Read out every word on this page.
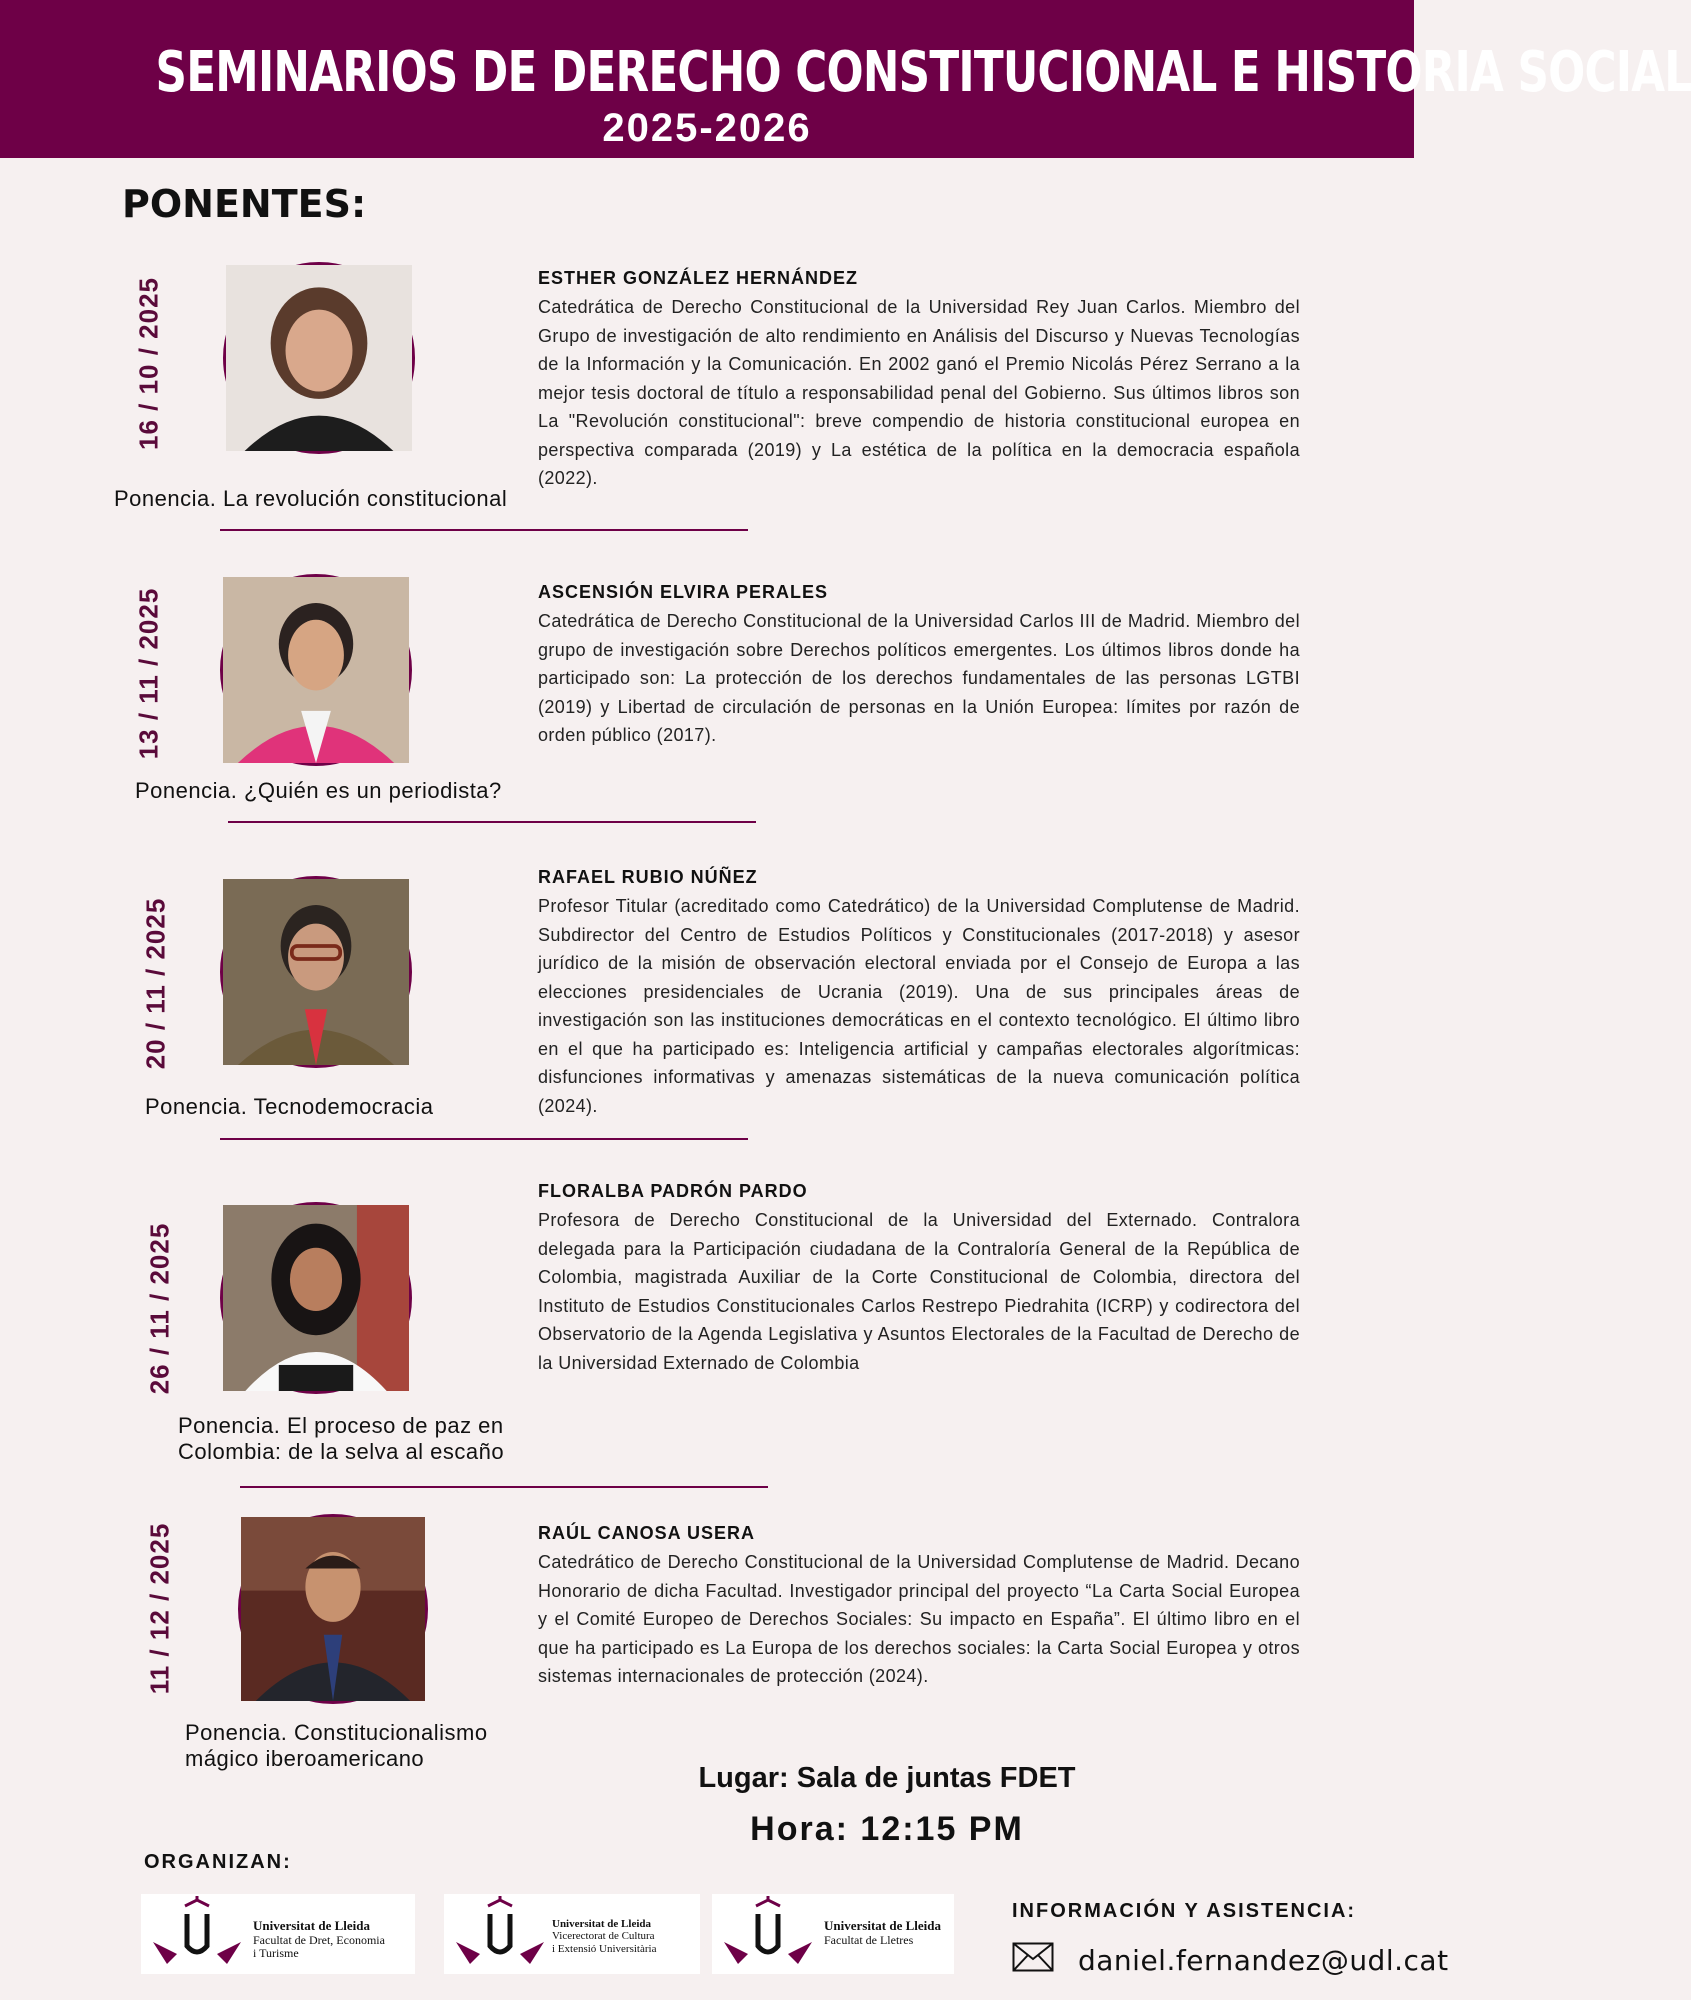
SEMINARIOS DE DERECHO CONSTITUCIONAL E HISTORIA SOCIAL
2025-2026
PONENTES:
16 / 10 / 2025
Ponencia. La revolución constitucional
ESTHER GONZÁLEZ HERNÁNDEZ
Catedrática de Derecho Constitucional de la Universidad Rey Juan Carlos. Miembro del Grupo de investigación de alto rendimiento en Análisis del Discurso y Nuevas Tecnologías de la Información y la Comunicación. En 2002 ganó el Premio Nicolás Pérez Serrano a la mejor tesis doctoral de título a responsabilidad penal del Gobierno. Sus últimos libros son La "Revolución constitucional": breve compendio de historia constitucional europea en perspectiva comparada (2019) y La estética de la política en la democracia española (2022).
13 / 11 / 2025
Ponencia. ¿Quién es un periodista?
ASCENSIÓN ELVIRA PERALES
Catedrática de Derecho Constitucional de la Universidad Carlos III de Madrid. Miembro del grupo de investigación sobre Derechos políticos emergentes. Los últimos libros donde ha participado son: La protección de los derechos fundamentales de las personas LGTBI (2019) y Libertad de circulación de personas en la Unión Europea: límites por razón de orden público (2017).
20 / 11 / 2025
Ponencia. Tecnodemocracia
RAFAEL RUBIO NÚÑEZ
Profesor Titular (acreditado como Catedrático) de la Universidad Complutense de Madrid. Subdirector del Centro de Estudios Políticos y Constitucionales (2017-2018) y asesor jurídico de la misión de observación electoral enviada por el Consejo de Europa a las elecciones presidenciales de Ucrania (2019). Una de sus principales áreas de investigación son las instituciones democráticas en el contexto tecnológico. El último libro en el que ha participado es: Inteligencia artificial y campañas electorales algorítmicas: disfunciones informativas y amenazas sistemáticas de la nueva comunicación política (2024).
26 / 11 / 2025
Ponencia. El proceso de paz en
Colombia: de la selva al escaño
FLORALBA PADRÓN PARDO
Profesora de Derecho Constitucional de la Universidad del Externado. Contralora delegada para la Participación ciudadana de la Contraloría General de la República de Colombia, magistrada Auxiliar de la Corte Constitucional de Colombia, directora del Instituto de Estudios Constitucionales Carlos Restrepo Piedrahita (ICRP) y codirectora del Observatorio de la Agenda Legislativa y Asuntos Electorales de la Facultad de Derecho de la Universidad Externado de Colombia
11 / 12 / 2025
Ponencia. Constitucionalismo
mágico iberoamericano
RAÚL CANOSA USERA
Catedrático de Derecho Constitucional de la Universidad Complutense de Madrid. Decano Honorario de dicha Facultad. Investigador principal del proyecto “La Carta Social Europea y el Comité Europeo de Derechos Sociales: Su impacto en España”. El último libro en el que ha participado es La Europa de los derechos sociales: la Carta Social Europea y otros sistemas internacionales de protección (2024).
Lugar: Sala de juntas FDET
Hora: 12:15 PM
ORGANIZAN:
Universitat de Lleida
Facultat de Dret, Economia
i Turisme
Universitat de Lleida
Vicerectorat de Cultura
i Extensió Universitària
Universitat de Lleida
Facultat de Lletres
INFORMACIÓN Y ASISTENCIA:
daniel.fernandez@udl.cat
